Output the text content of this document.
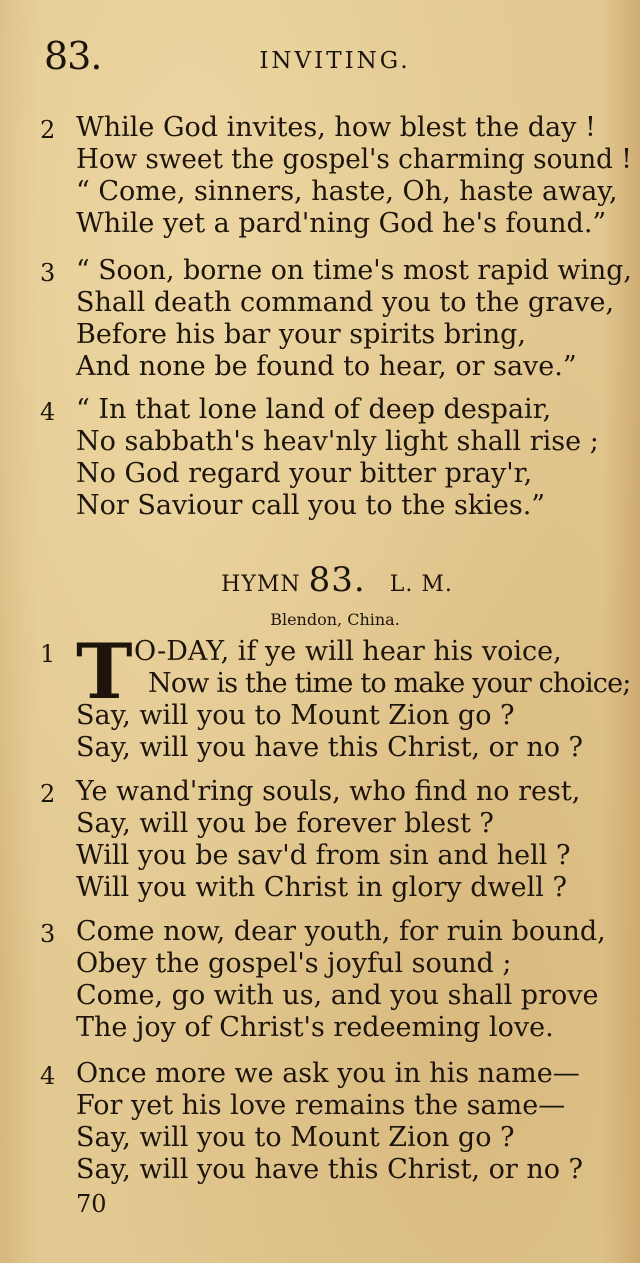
83.	INVITING.
2 While God invites, how blest the day !
How sweet the gospel's charming sound !
“ Come, sinners, haste, Oh, haste away,
While yet a pard'ning God he's found.”
3 “ Soon, borne on time's most rapid wing,
Shall death command you to the grave,
Before his bar your spirits bring,
And none be found to hear, or save.”
4 “ In that lone land of deep despair,
No sabbath's heav'nly light shall rise ;
No God regard your bitter pray'r,
Nor Saviour call you to the skies.”
HYMN 83. L. M.
Blendon, China.
1 T O-DAY, if ye will hear his voice,
Now is the time to make your choice;
Say, will you to Mount Zion go ?
Say, will you have this Christ, or no ?
2 Ye wand'ring souls, who find no rest,
Say, will you be forever blest ?
Will you be sav'd from sin and hell ?
Will you with Christ in glory dwell ?
3 Come now, dear youth, for ruin bound,
Obey the gospel's joyful sound ;
Come, go with us, and you shall prove
The joy of Christ's redeeming love.
4 Once more we ask you in his name—
For yet his love remains the same—
Say, will you to Mount Zion go ?
Say, will you have this Christ, or no ?
70
